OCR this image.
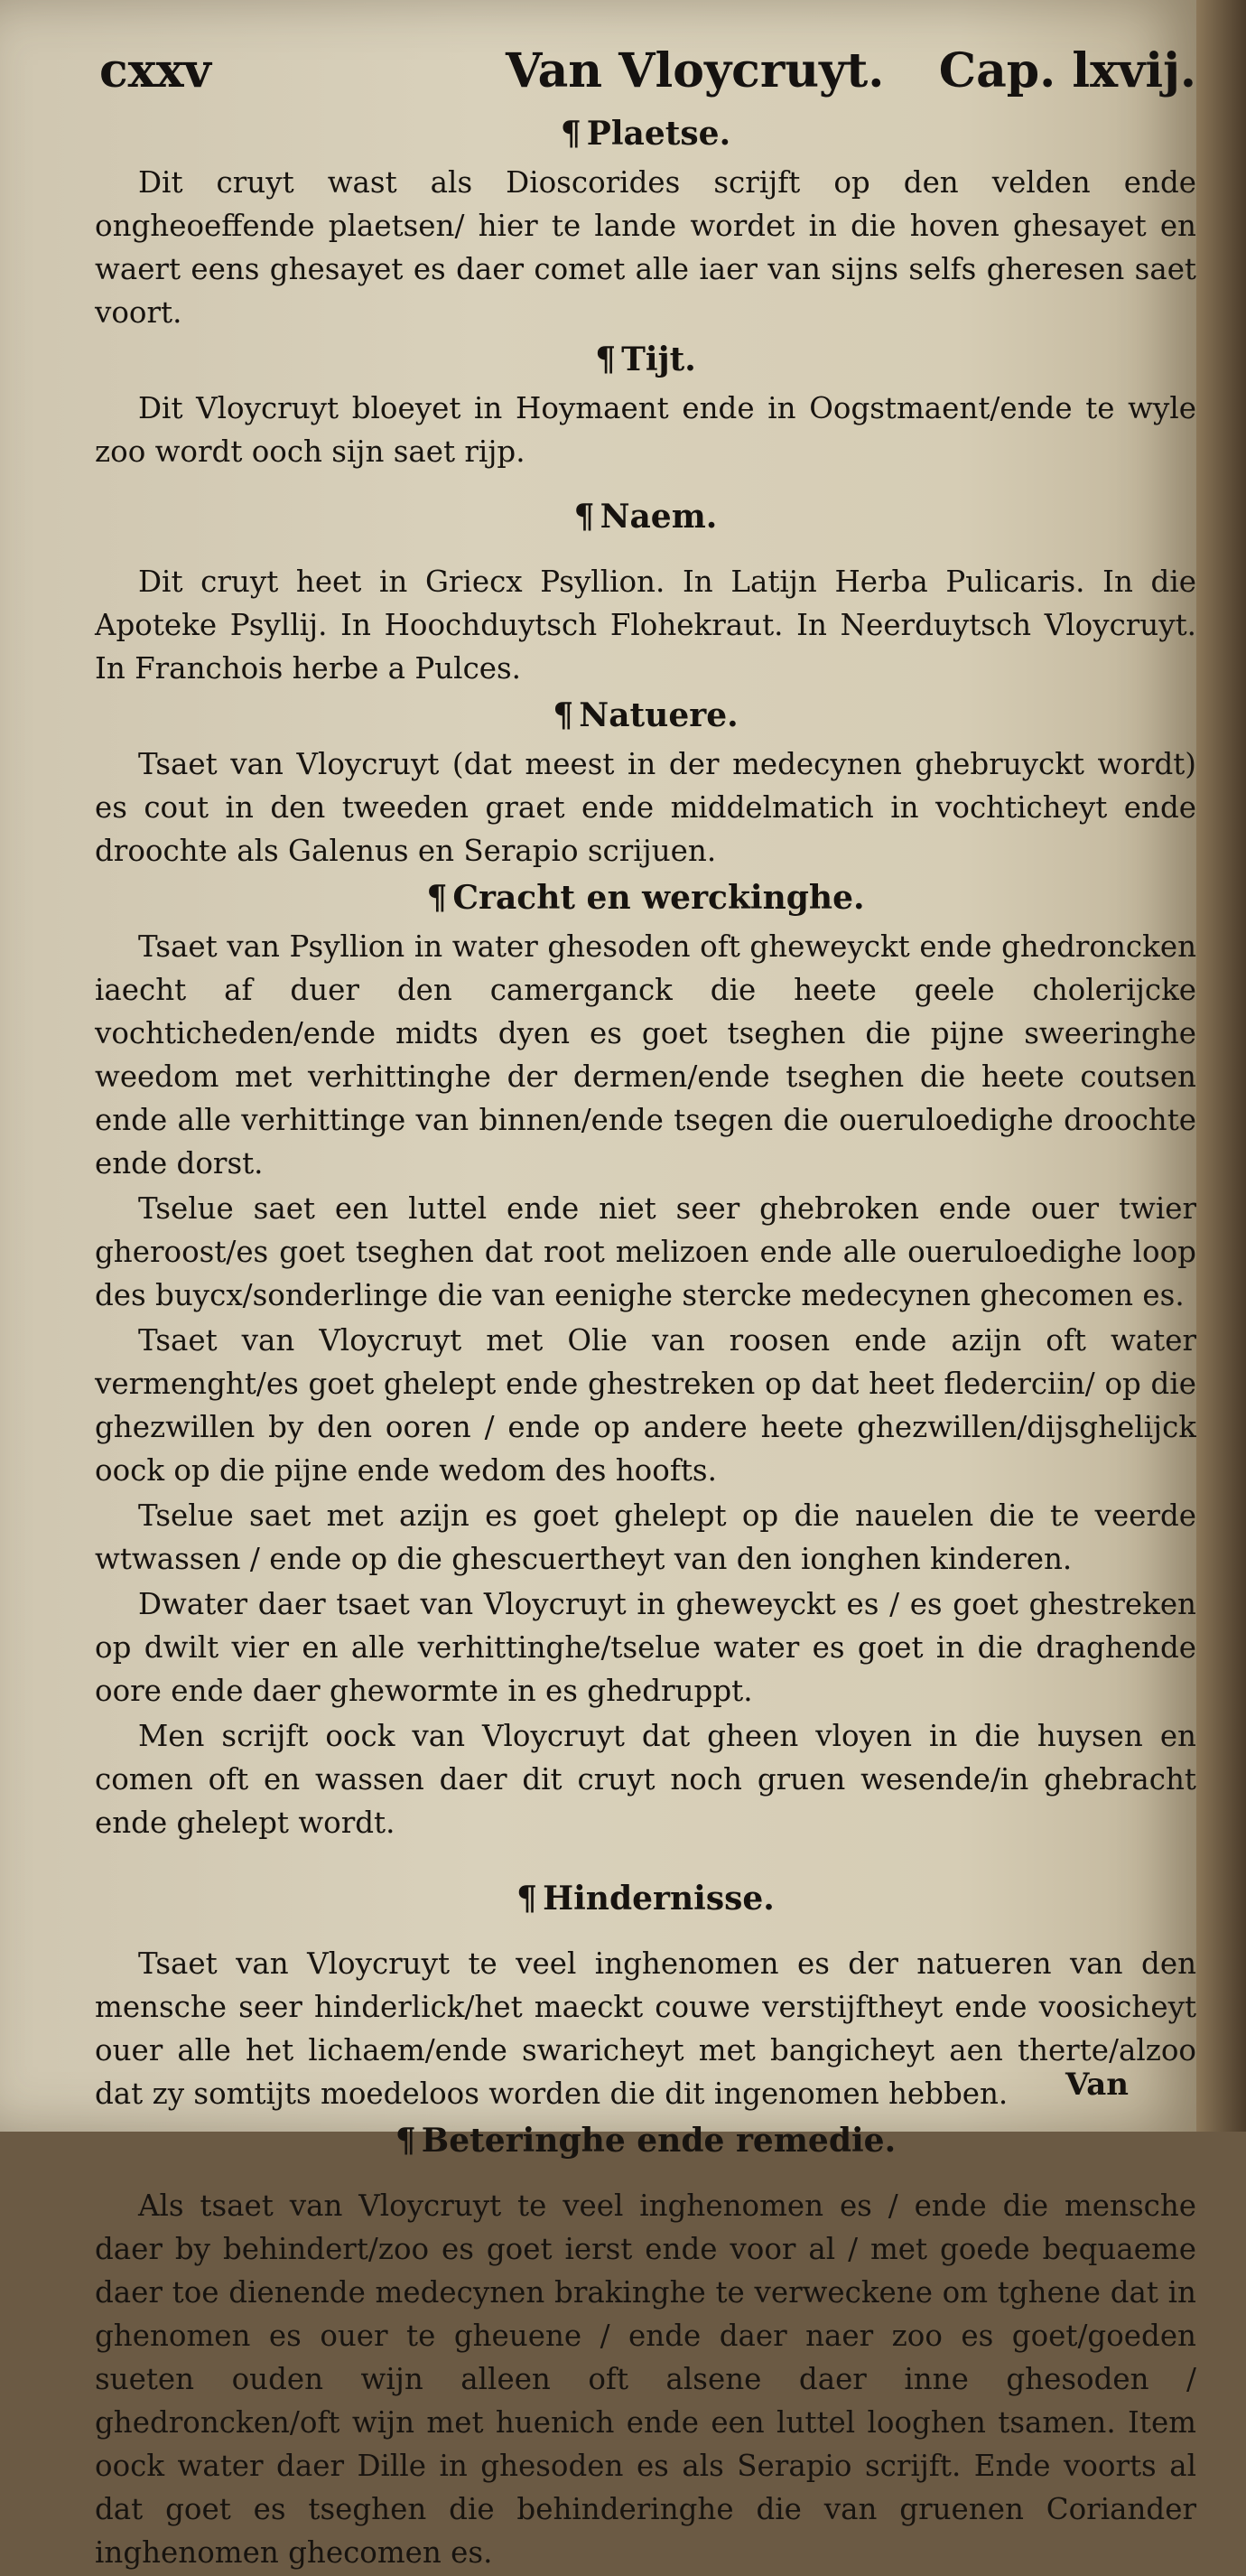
cxxv	Van Vloycruyt. Cap. lxvij.
¶ Plaetse.

Dit cruyt wast als Dioscorides scrijft op den velden ende ongheoeffende plaetsen/ hier te lande wordet in die hoven ghesayet en waert eens ghesayet es daer comet alle iaer van sijns selfs gheresen saet voort.

¶ Tijt.

Dit Vloycruyt bloeyet in Hoymaent ende in Oogstmaent/ende te wyle zoo wordt ooch sijn saet rijp.

¶ Naem.

Dit cruyt heet in Griecx Psyllion. In Latijn Herba Pulicaris. In die Apoteke Psyllij. In Hoochduytsch Flohekraut. In Neerduytsch Vloycruyt. In Franchois herbe a Pulces.

¶ Natuere.

Tsaet van Vloycruyt (dat meest in der medecynen ghebruyckt wordt) es cout in den tweeden graet ende middelmatich in vochticheyt ende droochte als Galenus en Serapio scrijuen.

¶ Cracht en werckinghe.

Tsaet van Psyllion in water ghesoden oft gheweyckt ende ghedroncken iaecht af duer den camerganck die heete geele cholerijcke vochticheden/ende midts dyen es goet tseghen die pijne sweeringhe weedom met verhittinghe der dermen/ende tseghen die heete coutsen ende alle verhittinge van binnen/ende tsegen die oueruloedighe droochte ende dorst.

Tselue saet een luttel ende niet seer ghebroken ende ouer twier gheroost/es goet tseghen dat root melizoen ende alle oueruloedighe loop des buycx/sonderlinge die van eenighe stercke medecynen ghecomen es.

Tsaet van Vloycruyt met Olie van roosen ende azijn oft water vermenght/es goet ghelept ende ghestreken op dat heet flederciin/ op die ghezwillen by den ooren / ende op andere heete ghezwillen/dijsghelijck oock op die pijne ende wedom des hoofts.

Tselue saet met azijn es goet ghelept op die nauelen die te veerde wtwassen / ende op die ghescuertheyt van den ionghen kinderen.

Dwater daer tsaet van Vloycruyt in gheweyckt es / es goet ghestreken op dwilt vier en alle verhittinghe/tselue water es goet in die draghende oore ende daer ghewormte in es ghedruppt.

Men scrijft oock van Vloycruyt dat gheen vloyen in die huysen en comen oft en wassen daer dit cruyt noch gruen wesende/in ghebracht ende ghelept wordt.

¶ Hindernisse.

Tsaet van Vloycruyt te veel inghenomen es der natueren van den mensche seer hinderlick/het maeckt couwe verstijftheyt ende voosicheyt ouer alle het lichaem/ende swaricheyt met bangicheyt aen therte/alzoo dat zy somtijts moedeloos worden die dit ingenomen hebben.

¶ Beteringhe ende remedie.

Als tsaet van Vloycruyt te veel inghenomen es / ende die mensche daer by behindert/zoo es goet ierst ende voor al / met goede bequaeme daer toe dienende medecynen brakinghe te verweckene om tghene dat in ghenomen es ouer te gheuene / ende daer naer zoo es goet/goeden sueten ouden wijn alleen oft alsene daer inne ghesoden / ghedroncken/oft wijn met huenich ende een luttel looghen tsamen. Item oock water daer Dille in ghesoden es als Serapio scrijft. Ende voorts al dat goet es tseghen die behinderinghe die van gruenen Coriander inghenomen ghecomen es.

Van
